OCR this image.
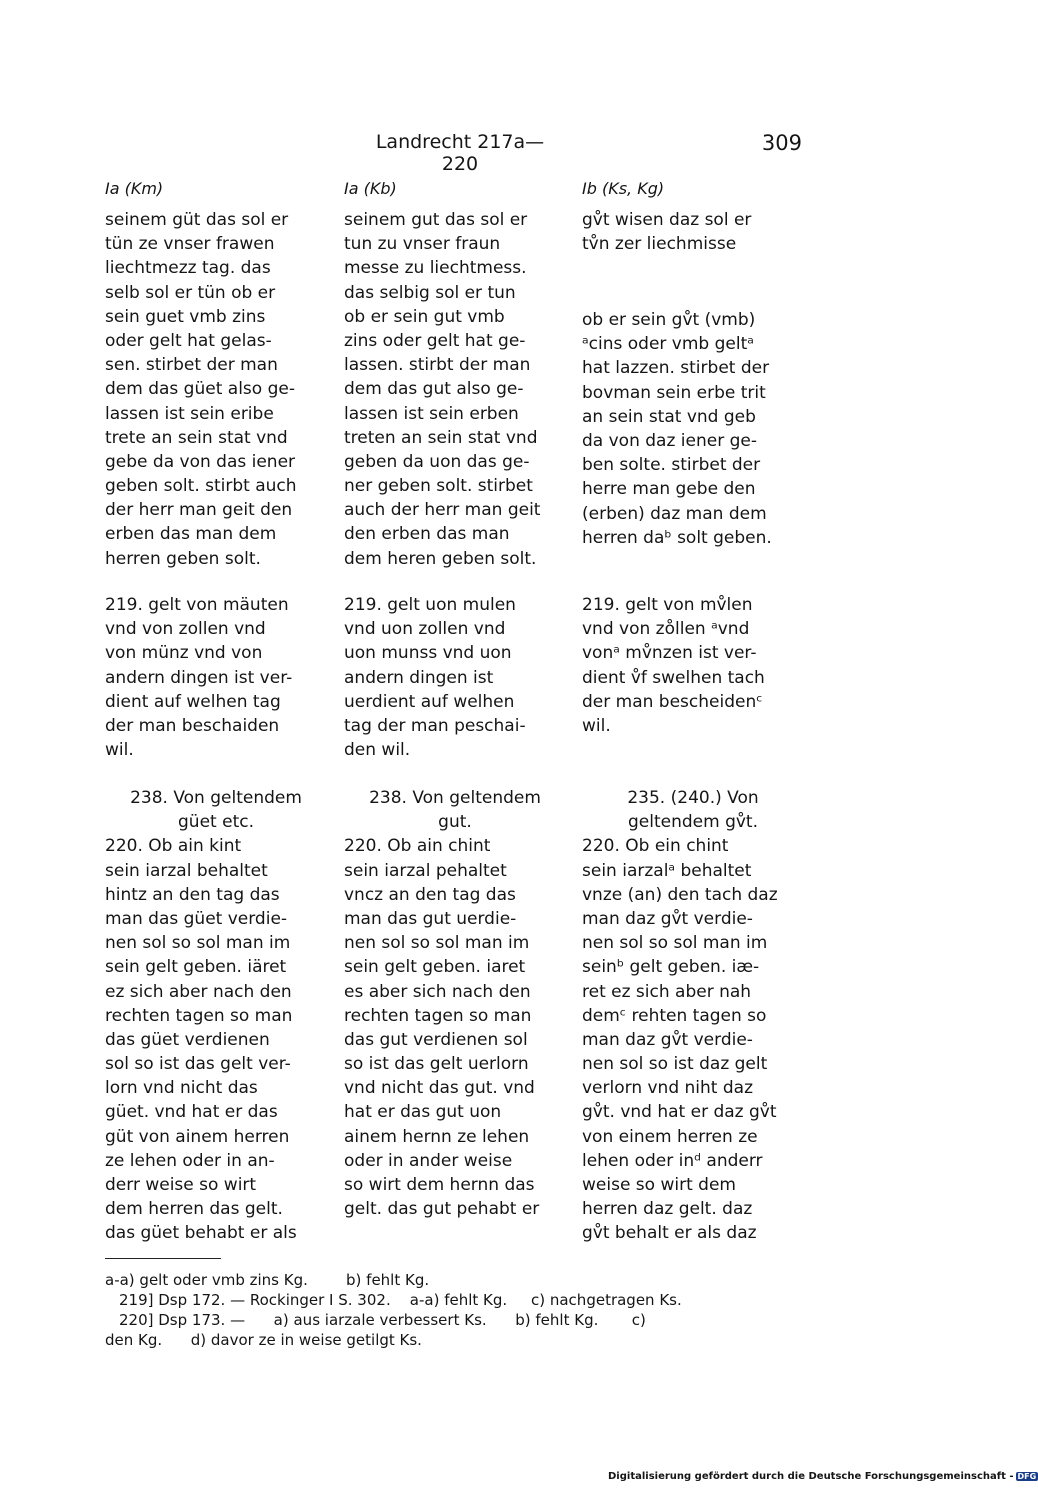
Landrecht 217a—220
309
Ia (Km)
seinem güt das sol er
tün ze vnser frawen
liechtmezz tag. das
selb sol er tün ob er
sein guet vmb zins
oder gelt hat gelas-
sen. stirbet der man
dem das güet also ge-
lassen ist sein eribe
trete an sein stat vnd
gebe da von das iener
geben solt. stirbt auch
der herr man geit den
erben das man dem
herren geben solt.
219. gelt von mäuten
vnd von zollen vnd
von münz vnd von
andern dingen ist ver-
dient auf welhen tag
der man beschaiden
wil.
238. Von geltendem
güet etc.
220. Ob ain kint
sein iarzal behaltet
hintz an den tag das
man das güet verdie-
nen sol so sol man im
sein gelt geben. iäret
ez sich aber nach den
rechten tagen so man
das güet verdienen
sol so ist das gelt ver-
lorn vnd nicht das
güet. vnd hat er das
güt von ainem herren
ze lehen oder in an-
derr weise so wirt
dem herren das gelt.
das güet behabt er als
Ia (Kb)
seinem gut das sol er
tun zu vnser fraun
messe zu liechtmess.
das selbig sol er tun
ob er sein gut vmb
zins oder gelt hat ge-
lassen. stirbt der man
dem das gut also ge-
lassen ist sein erben
treten an sein stat vnd
geben da uon das ge-
ner geben solt. stirbet
auch der herr man geit
den erben das man
dem heren geben solt.
219. gelt uon mulen
vnd uon zollen vnd
uon munss vnd uon
andern dingen ist
uerdient auf welhen
tag der man peschai-
den wil.
238. Von geltendem
gut.
220. Ob ain chint
sein iarzal pehaltet
vncz an den tag das
man das gut uerdie-
nen sol so sol man im
sein gelt geben. iaret
es aber sich nach den
rechten tagen so man
das gut verdienen sol
so ist das gelt uerlorn
vnd nicht das gut. vnd
hat er das gut uon
ainem hernn ze lehen
oder in ander weise
so wirt dem hernn das
gelt. das gut pehabt er
Ib (Ks, Kg)
gv̊t wisen daz sol er
tv̊n zer liechmisse
ob er sein gv̊t (vmb)
ᵃcins oder vmb geltᵃ
hat lazzen. stirbet der
bovman sein erbe trit
an sein stat vnd geb
da von daz iener ge-
ben solte. stirbet der
herre man gebe den
(erben) daz man dem
herren daᵇ solt geben.
219. gelt von mv̊len
vnd von zo̊llen ᵃvnd
vonᵃ mv̊nzen ist ver-
dient v̊f swelhen tach
der man bescheidenᶜ
wil.
235. (240.) Von
geltendem gv̊t.
220. Ob ein chint
sein iarzalᵃ behaltet
vnze (an) den tach daz
man daz gv̊t verdie-
nen sol so sol man im
seinᵇ gelt geben. iæ-
ret ez sich aber nah
demᶜ rehten tagen so
man daz gv̊t verdie-
nen sol so ist daz gelt
verlorn vnd niht daz
gv̊t. vnd hat er daz gv̊t
von einem herren ze
lehen oder inᵈ anderr
weise so wirt dem
herren daz gelt. daz
gv̊t behalt er als daz
a-a) gelt oder vmb zins Kg.        b) fehlt Kg.
219] Dsp 172. — Rockinger I S. 302.    a-a) fehlt Kg.     c) nachgetragen Ks.
220] Dsp 173. —      a) aus iarzale verbessert Ks.      b) fehlt Kg.       c)
den Kg.      d) davor ze in weise getilgt Ks.
Digitalisierung gefördert durch die Deutsche Forschungsgemeinschaft - DFG
